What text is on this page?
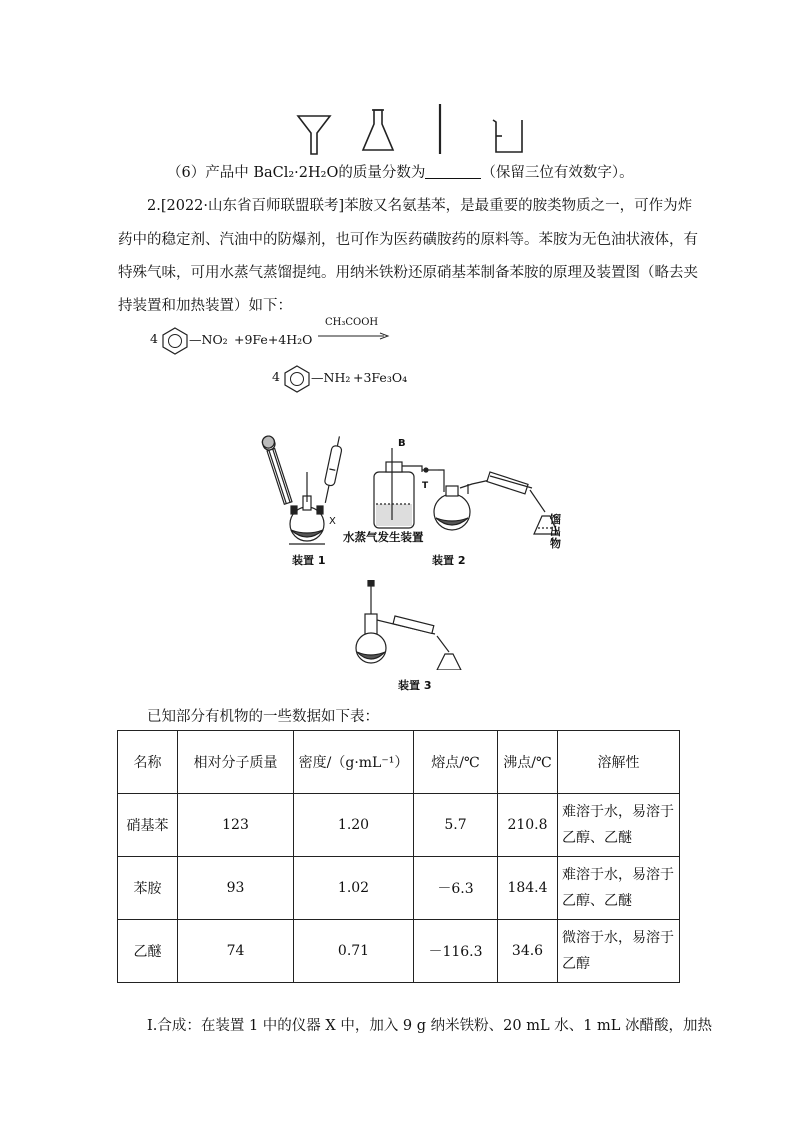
（6）产品中 BaCl₂·2H₂O的质量分数为	（保留三位有效数字）。
2.[2022·山东省百师联盟联考]苯胺又名氨基苯，是最重要的胺类物质之一，可作为炸
药中的稳定剂、汽油中的防爆剂，也可作为医药磺胺药的原料等。苯胺为无色油状液体，有
特殊气味，可用水蒸气蒸馏提纯。用纳米铁粉还原硝基苯制备苯胺的原理及装置图（略去夹
持装置和加热装置）如下：
4 —NO₂ +9Fe+4H₂O
CH₃COOH
4 —NH₂ +3Fe₃O₄
X
装置 1
B
T
水蒸气发生装置
装置 2
馏出物
装置 3
已知部分有机物的一些数据如下表：
名称	相对分子质量	密度/（g·mL⁻¹）	熔点/℃	沸点/℃	溶解性
硝基苯	123	1.20	5.7	210.8	难溶于水，易溶于乙醇、乙醚
苯胺	93	1.02	－6.3	184.4	难溶于水，易溶于乙醇、乙醚
乙醚	74	0.71	－116.3	34.6	微溶于水，易溶于乙醇
Ⅰ.合成：在装置 1 中的仪器 X 中，加入 9 g 纳米铁粉、20 mL 水、1 mL 冰醋酸，加热
